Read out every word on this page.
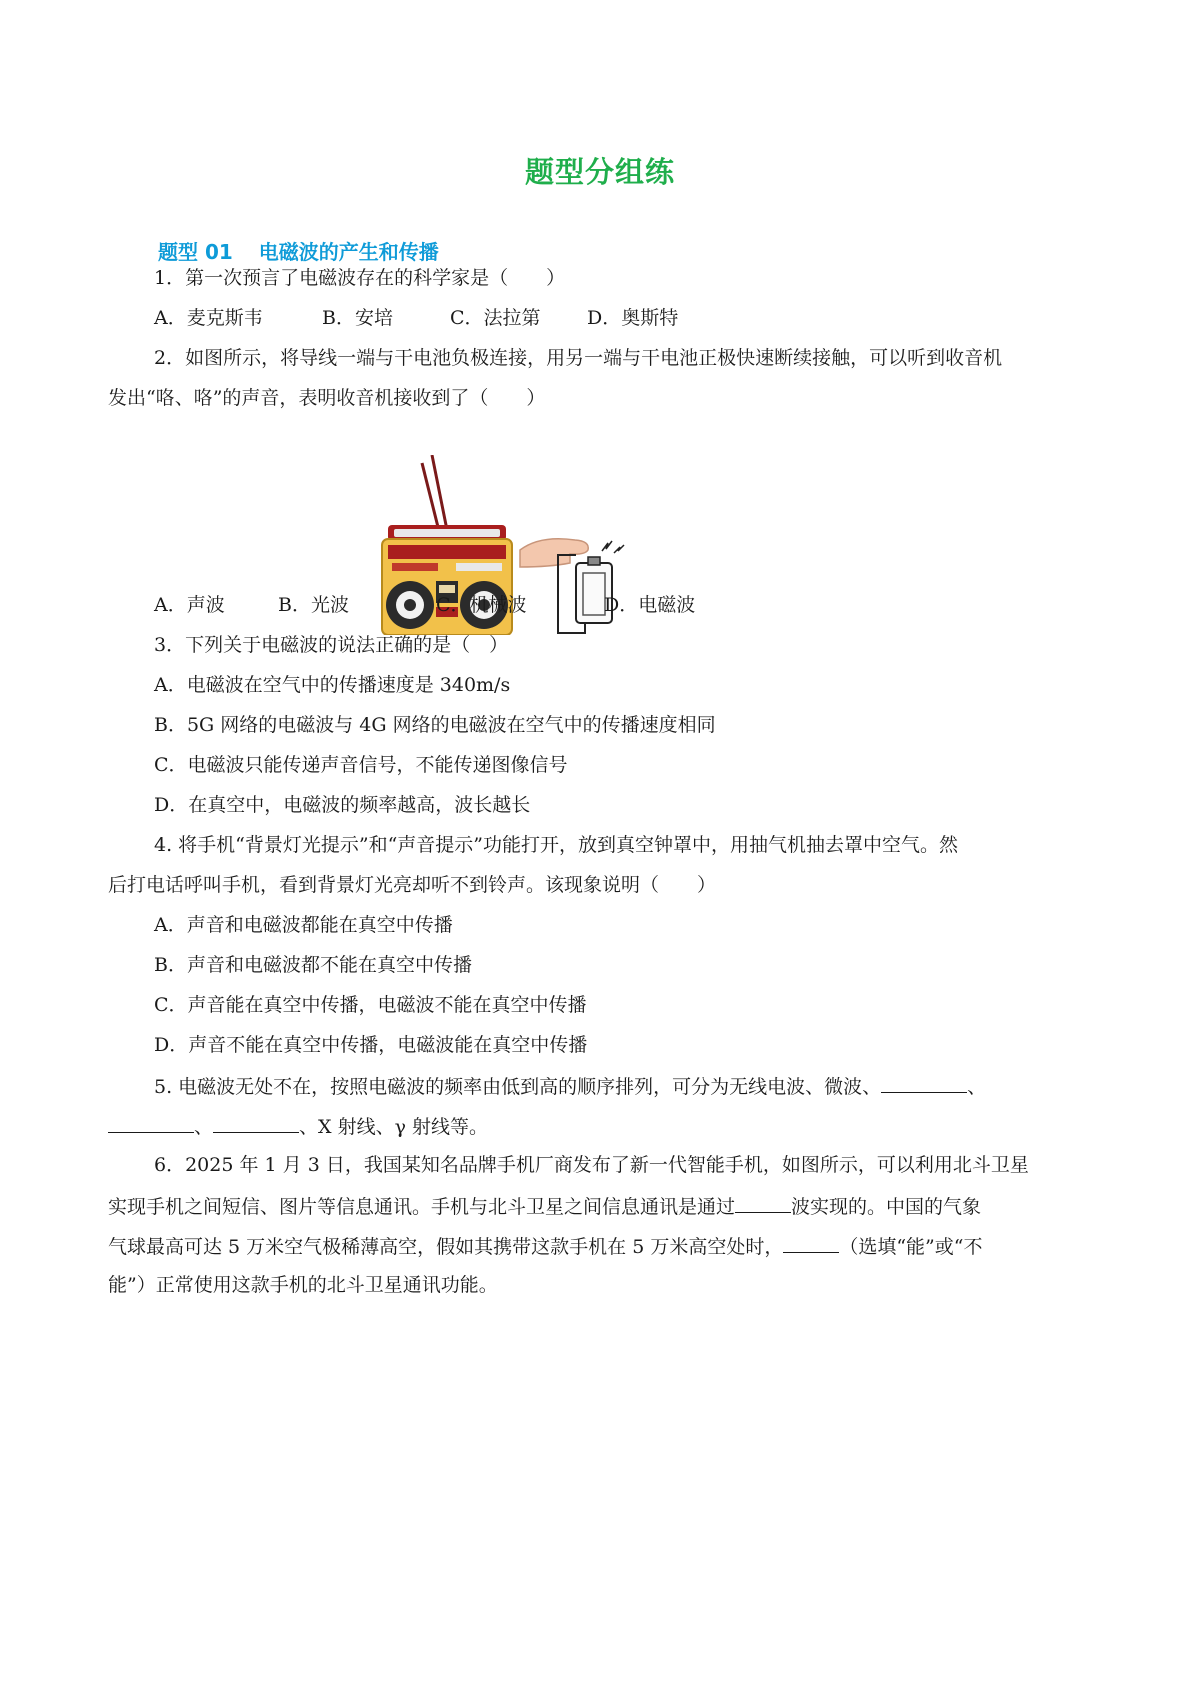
题型分组练
题型 01 电磁波的产生和传播
1．第一次预言了电磁波存在的科学家是（　　）
A．麦克斯韦	B．安培	C．法拉第 D．奥斯特
2．如图所示，将导线一端与干电池负极连接，用另一端与干电池正极快速断续接触，可以听到收音机
发出“咯、咯”的声音，表明收音机接收到了（　　）
A．声波	B．光波	C．机械波	D．电磁波
3．下列关于电磁波的说法正确的是（　）
A．电磁波在空气中的传播速度是 340m/s
B．5G 网络的电磁波与 4G 网络的电磁波在空气中的传播速度相同
C．电磁波只能传递声音信号，不能传递图像信号
D．在真空中，电磁波的频率越高，波长越长
4. 将手机“背景灯光提示”和“声音提示”功能打开，放到真空钟罩中，用抽气机抽去罩中空气。然
后打电话呼叫手机，看到背景灯光亮却听不到铃声。该现象说明（　　）
A．声音和电磁波都能在真空中传播
B．声音和电磁波都不能在真空中传播
C．声音能在真空中传播，电磁波不能在真空中传播
D．声音不能在真空中传播，电磁波能在真空中传播
5. 电磁波无处不在，按照电磁波的频率由低到高的顺序排列，可分为无线电波、微波、	、
、	、X 射线、γ 射线等。
6．2025 年 1 月 3 日，我国某知名品牌手机厂商发布了新一代智能手机，如图所示，可以利用北斗卫星
实现手机之间短信、图片等信息通讯。手机与北斗卫星之间信息通讯是通过	波实现的。中国的气象
气球最高可达 5 万米空气极稀薄高空，假如其携带这款手机在 5 万米高空处时，	（选填“能”或“不
能”）正常使用这款手机的北斗卫星通讯功能。
